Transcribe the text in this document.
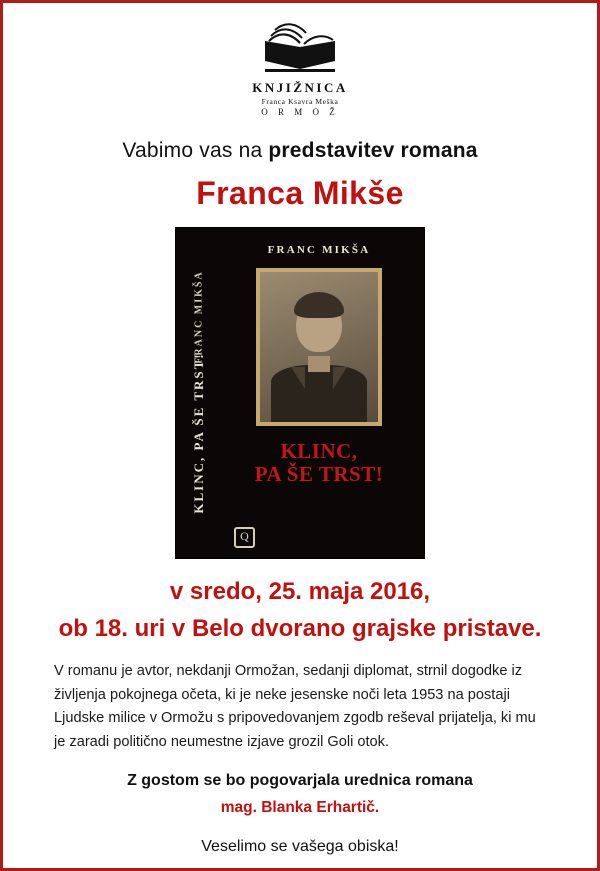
KNJIŽNICA
Franca Ksavra Meška
O R M O Ž
Vabimo vas na predstavitev romana
Franca Mikše
FRANC MIKŠA
KLINC, PA ŠE TRST!
FRANC MIKŠA
KLINC,
PA ŠE TRST!
Q
v sredo, 25. maja 2016,
ob 18. uri v Belo dvorano grajske pristave.
V romanu je avtor, nekdanji Ormožan, sedanji diplomat, strnil dogodke iz življenja pokojnega očeta, ki je neke jesenske noči leta 1953 na postaji Ljudske milice v Ormožu s pripovedovanjem zgodb reševal prijatelja, ki mu je zaradi politično neumestne izjave grozil Goli otok.
Z gostom se bo pogovarjala urednica romana
mag. Blanka Erhartič.
Veselimo se vašega obiska!
